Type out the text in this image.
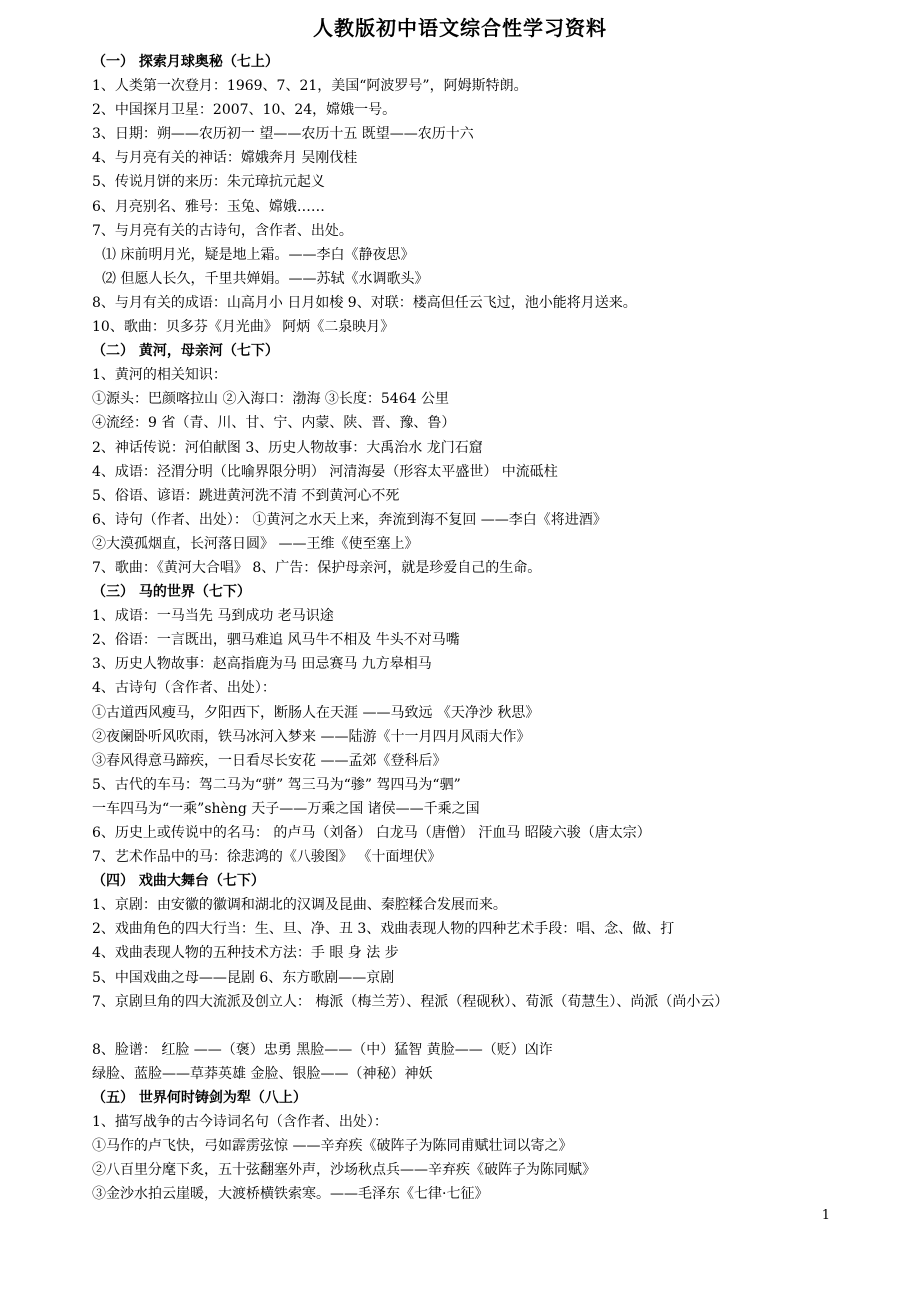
人教版初中语文综合性学习资料
（一） 探索月球奥秘（七上）
1、人类第一次登月：1969、7、21，美国“阿波罗号”，阿姆斯特朗。
2、中国探月卫星：2007、10、24，嫦娥一号。
3、日期：朔——农历初一 望——农历十五 既望——农历十六
4、与月亮有关的神话：嫦娥奔月 吴刚伐桂
5、传说月饼的来历：朱元璋抗元起义
6、月亮别名、雅号：玉兔、嫦娥……
7、与月亮有关的古诗句，含作者、出处。
⑴ 床前明月光，疑是地上霜。——李白《静夜思》
⑵ 但愿人长久，千里共婵娟。——苏轼《水调歌头》
8、与月有关的成语：山高月小 日月如梭 9、对联：楼高但任云飞过，池小能将月送来。
10、歌曲：贝多芬《月光曲》 阿炳《二泉映月》
（二） 黄河，母亲河（七下）
1、黄河的相关知识：
①源头：巴颜喀拉山 ②入海口：渤海 ③长度：5464 公里
④流经：9 省（青、川、甘、宁、内蒙、陕、晋、豫、鲁）
2、神话传说：河伯献图 3、历史人物故事：大禹治水 龙门石窟
4、成语：泾渭分明（比喻界限分明） 河清海晏（形容太平盛世） 中流砥柱
5、俗语、谚语：跳进黄河洗不清 不到黄河心不死
6、诗句（作者、出处）： ①黄河之水天上来，奔流到海不复回 ——李白《将进酒》
②大漠孤烟直，长河落日圆》 ——王维《使至塞上》
7、歌曲：《黄河大合唱》 8、广告：保护母亲河，就是珍爱自己的生命。
（三） 马的世界（七下）
1、成语：一马当先 马到成功 老马识途
2、俗语：一言既出，驷马难追 风马牛不相及 牛头不对马嘴
3、历史人物故事：赵高指鹿为马 田忌赛马 九方皋相马
4、古诗句（含作者、出处）：
①古道西风瘦马，夕阳西下，断肠人在天涯 ——马致远 《天净沙 秋思》
②夜阑卧听风吹雨，铁马冰河入梦来 ——陆游《十一月四月风雨大作》
③春风得意马蹄疾，一日看尽长安花 ——孟郊《登科后》
5、古代的车马：驾二马为“骈” 驾三马为“骖” 驾四马为“驷”
一车四马为“一乘”shèng 天子——万乘之国 诸侯——千乘之国
6、历史上或传说中的名马： 的卢马（刘备） 白龙马（唐僧） 汗血马 昭陵六骏（唐太宗）
7、艺术作品中的马：徐悲鸿的《八骏图》 《十面埋伏》
（四） 戏曲大舞台（七下）
1、京剧：由安徽的徽调和湖北的汉调及昆曲、秦腔糅合发展而来。
2、戏曲角色的四大行当：生、旦、净、丑 3、戏曲表现人物的四种艺术手段：唱、念、做、打
4、戏曲表现人物的五种技术方法：手 眼 身 法 步
5、中国戏曲之母——昆剧 6、东方歌剧——京剧
7、京剧旦角的四大流派及创立人： 梅派（梅兰芳）、程派（程砚秋）、荀派（荀慧生）、尚派（尚小云）
8、脸谱： 红脸 ——（褒）忠勇 黑脸——（中）猛智 黄脸——（贬）凶诈
绿脸、蓝脸——草莽英雄 金脸、银脸——（神秘）神妖
（五） 世界何时铸剑为犁（八上）
1、描写战争的古今诗词名句（含作者、出处）：
①马作的卢飞快，弓如霹雳弦惊 ——辛弃疾《破阵子为陈同甫赋壮词以寄之》
②八百里分麾下炙，五十弦翻塞外声，沙场秋点兵——辛弃疾《破阵子为陈同赋》
③金沙水拍云崖暖，大渡桥横铁索寒。——毛泽东《七律·七征》
1
